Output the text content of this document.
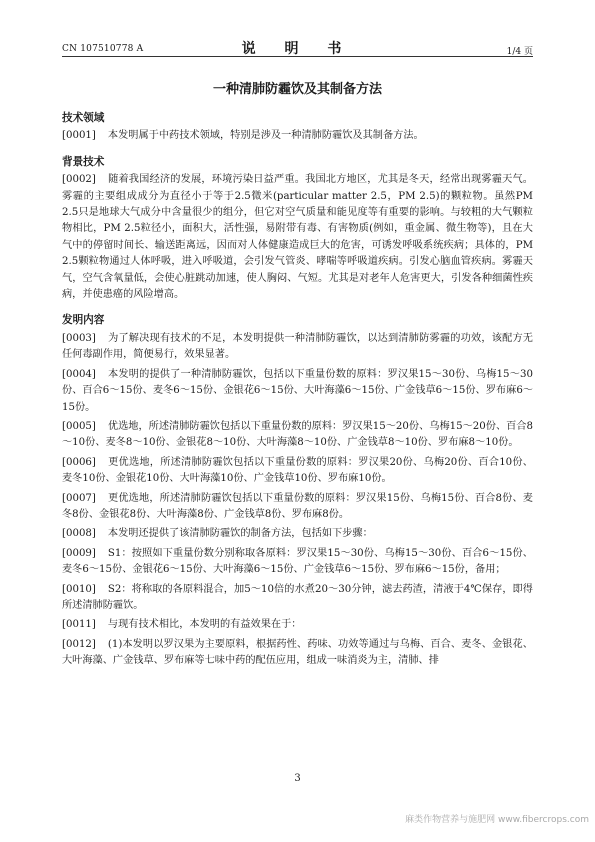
CN 107510778 A	说 明 书	1/4 页
一种清肺防霾饮及其制备方法
技术领域
[0001] 本发明属于中药技术领域，特别是涉及一种清肺防霾饮及其制备方法。
背景技术
[0002] 随着我国经济的发展，环境污染日益严重。我国北方地区，尤其是冬天，经常出现雾霾天气。雾霾的主要组成成分为直径小于等于2.5微米(particular matter 2.5，PM 2.5)的颗粒物。虽然PM 2.5只是地球大气成分中含量很少的组分，但它对空气质量和能见度等有重要的影响。与较粗的大气颗粒物相比，PM 2.5粒径小，面积大，活性强，易附带有毒、有害物质(例如，重金属、微生物等)，且在大气中的停留时间长、输送距离远，因而对人体健康造成巨大的危害，可诱发呼吸系统疾病；具体的，PM 2.5颗粒物通过人体呼吸，进入呼吸道，会引发气管炎、哮喘等呼吸道疾病。引发心脑血管疾病。雾霾天气，空气含氧量低，会使心脏跳动加速，使人胸闷、气短。尤其是对老年人危害更大，引发各种细菌性疾病，并使患癌的风险增高。
发明内容
[0003] 为了解决现有技术的不足，本发明提供一种清肺防霾饮，以达到清肺防雾霾的功效，该配方无任何毒副作用，简便易行，效果显著。
[0004] 本发明的提供了一种清肺防霾饮，包括以下重量份数的原料：罗汉果15～30份、乌梅15～30份、百合6～15份、麦冬6～15份、金银花6～15份、大叶海藻6～15份、广金钱草6～15份、罗布麻6～15份。
[0005] 优选地，所述清肺防霾饮包括以下重量份数的原料：罗汉果15～20份、乌梅15～20份、百合8～10份、麦冬8～10份、金银花8～10份、大叶海藻8～10份、广金钱草8～10份、罗布麻8～10份。
[0006] 更优选地，所述清肺防霾饮包括以下重量份数的原料：罗汉果20份、乌梅20份、百合10份、麦冬10份、金银花10份、大叶海藻10份、广金钱草10份、罗布麻10份。
[0007] 更优选地，所述清肺防霾饮包括以下重量份数的原料：罗汉果15份、乌梅15份、百合8份、麦冬8份、金银花8份、大叶海藻8份、广金钱草8份、罗布麻8份。
[0008] 本发明还提供了该清肺防霾饮的制备方法，包括如下步骤：
[0009] S1：按照如下重量份数分别称取各原料：罗汉果15～30份、乌梅15～30份、百合6～15份、麦冬6～15份、金银花6～15份、大叶海藻6～15份、广金钱草6～15份、罗布麻6～15份，备用；
[0010] S2：将称取的各原料混合，加5～10倍的水煮20～30分钟，滤去药渣，清液于4℃保存，即得所述清肺防霾饮。
[0011] 与现有技术相比，本发明的有益效果在于：
[0012] (1)本发明以罗汉果为主要原料，根据药性、药味、功效等通过与乌梅、百合、麦冬、金银花、大叶海藻、广金钱草、罗布麻等七味中药的配伍应用，组成一味消炎为主，清肺、排
3
麻类作物营养与施肥网 www.fibercrops.com
